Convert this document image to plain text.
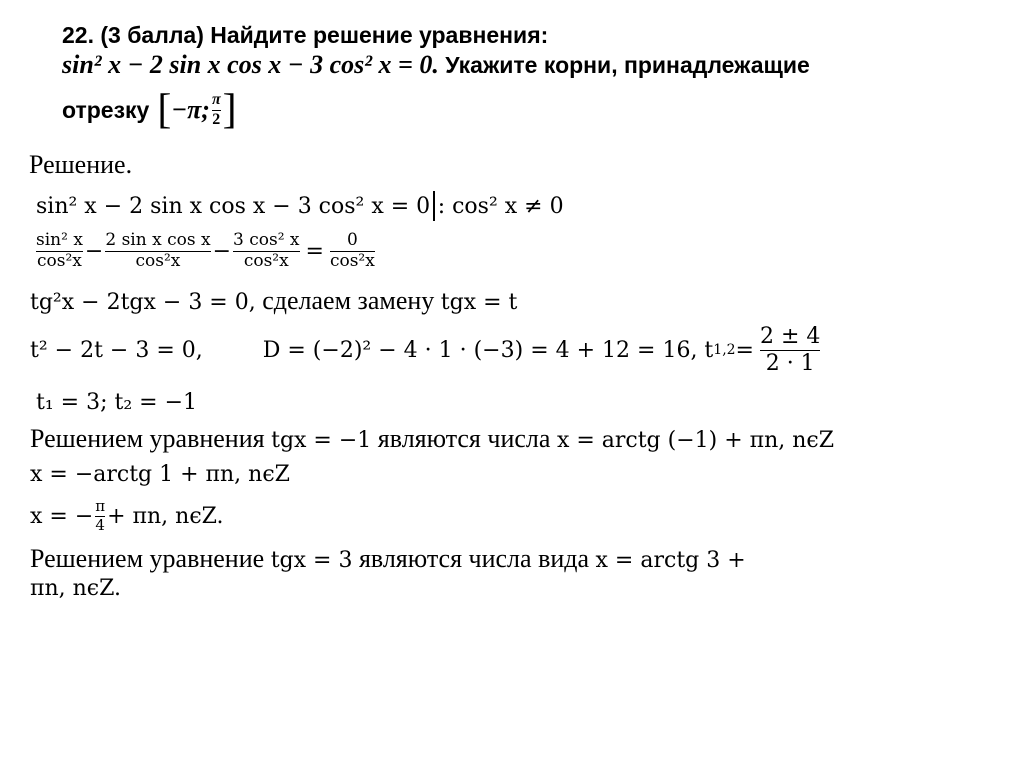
22. (3 балла) Найдите решение уравнения:
sin² x − 2 sin x cos x − 3 cos² x = 0. Укажите корни, принадлежащие
отрезку [ −π; $\frac{\pi}{2}$ ]
Решение.
sin² x − 2 sin x cos x − 3 cos² x = 0 : cos² x ≠ 0
$\frac{\text{sin² x}}{\text{cos²x}} - \frac{\text{2 sin x cos x}}{\text{cos²x}} - \frac{\text{3 cos² x}}{\text{cos²x}} = \frac{0}{\text{cos²x}}$
tg²x − 2tgx − 3 = 0, сделаем замену tgx = t
t² − 2t − 3 = 0,	D = (−2)² − 4 · 1 · (−3) = 4 + 12 = 16, t $1,2 = \frac{2 \pm 4}{2 \cdot 1}$
t₁ = 3; t₂ = −1
Решением уравнения tgx = −1 являются числа x = arctg (−1) + πn, nϵZ
x = −arctg 1 + πn, nϵZ
x = − $\frac{\pi}{4} + \pi n$, nϵZ.
Решением уравнение tgx = 3 являются числа вида x = arctg 3 +
πn, nϵZ.
